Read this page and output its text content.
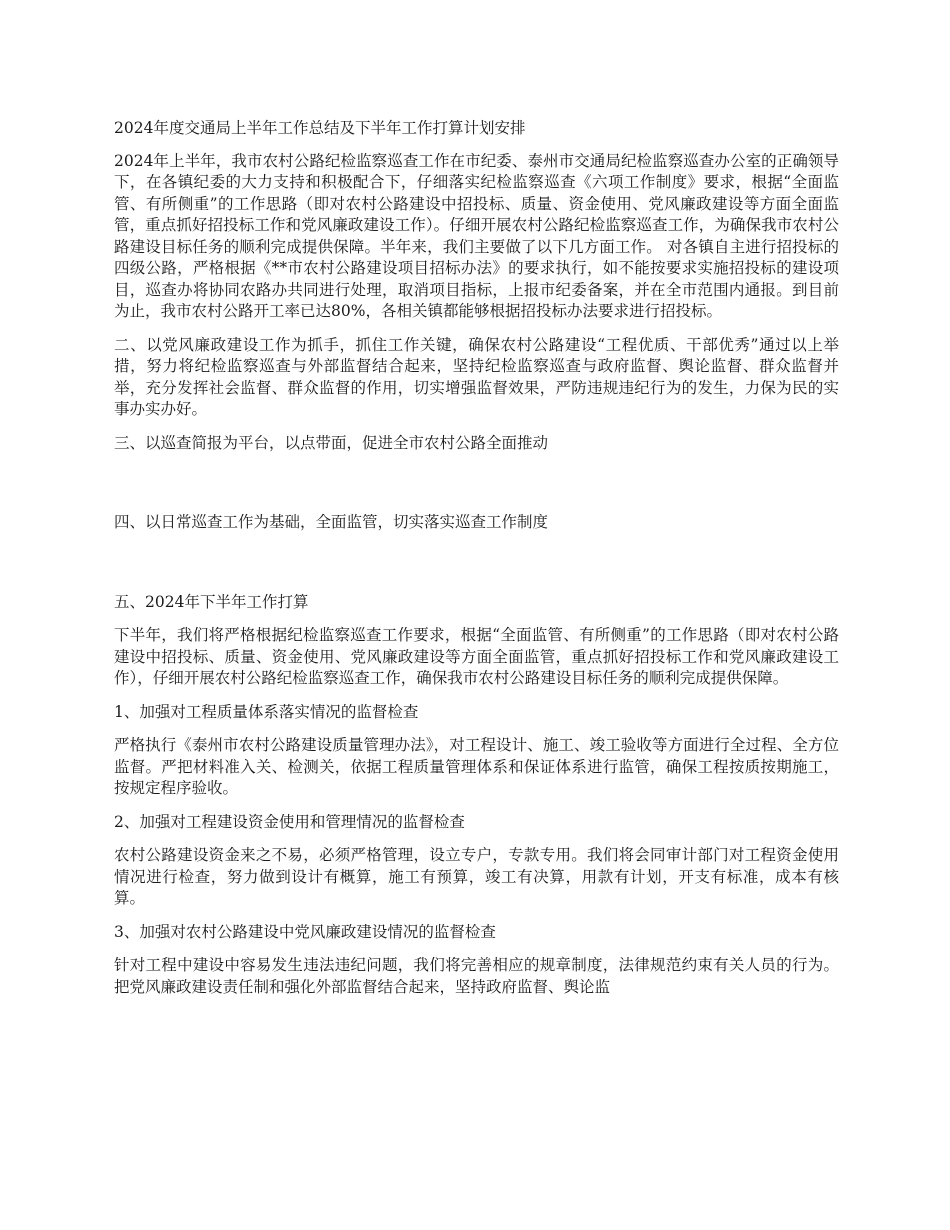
2024年度交通局上半年工作总结及下半年工作打算计划安排

2024年上半年，我市农村公路纪检监察巡查工作在市纪委、泰州市交通局纪检监察巡查办公室的正确领导下，在各镇纪委的大力支持和积极配合下，仔细落实纪检监察巡查《六项工作制度》要求，根据“全面监管、有所侧重”的工作思路（即对农村公路建设中招投标、质量、资金使用、党风廉政建设等方面全面监管，重点抓好招投标工作和党风廉政建设工作）。仔细开展农村公路纪检监察巡查工作，为确保我市农村公路建设目标任务的顺利完成提供保障。半年来，我们主要做了以下几方面工作。 对各镇自主进行招投标的四级公路，严格根据《**市农村公路建设项目招标办法》的要求执行，如不能按要求实施招投标的建设项目，巡查办将协同农路办共同进行处理，取消项目指标，上报市纪委备案，并在全市范围内通报。到目前为止，我市农村公路开工率已达80%，各相关镇都能够根据招投标办法要求进行招投标。

二、以党风廉政建设工作为抓手，抓住工作关键，确保农村公路建设“工程优质、干部优秀”通过以上举措，努力将纪检监察巡查与外部监督结合起来，坚持纪检监察巡查与政府监督、舆论监督、群众监督并举，充分发挥社会监督、群众监督的作用，切实增强监督效果，严防违规违纪行为的发生，力保为民的实事办实办好。

三、以巡查简报为平台，以点带面，促进全市农村公路全面推动

四、以日常巡查工作为基础，全面监管，切实落实巡查工作制度

五、2024年下半年工作打算

下半年，我们将严格根据纪检监察巡查工作要求，根据“全面监管、有所侧重”的工作思路（即对农村公路建设中招投标、质量、资金使用、党风廉政建设等方面全面监管，重点抓好招投标工作和党风廉政建设工作），仔细开展农村公路纪检监察巡查工作，确保我市农村公路建设目标任务的顺利完成提供保障。

1、加强对工程质量体系落实情况的监督检查

严格执行《泰州市农村公路建设质量管理办法》，对工程设计、施工、竣工验收等方面进行全过程、全方位监督。严把材料准入关、检测关，依据工程质量管理体系和保证体系进行监管，确保工程按质按期施工，按规定程序验收。

2、加强对工程建设资金使用和管理情况的监督检查

农村公路建设资金来之不易，必须严格管理，设立专户，专款专用。我们将会同审计部门对工程资金使用情况进行检查，努力做到设计有概算，施工有预算，竣工有决算，用款有计划，开支有标准，成本有核算。

3、加强对农村公路建设中党风廉政建设情况的监督检查

针对工程中建设中容易发生违法违纪问题，我们将完善相应的规章制度，法律规范约束有关人员的行为。把党风廉政建设责任制和强化外部监督结合起来，坚持政府监督、舆论监
